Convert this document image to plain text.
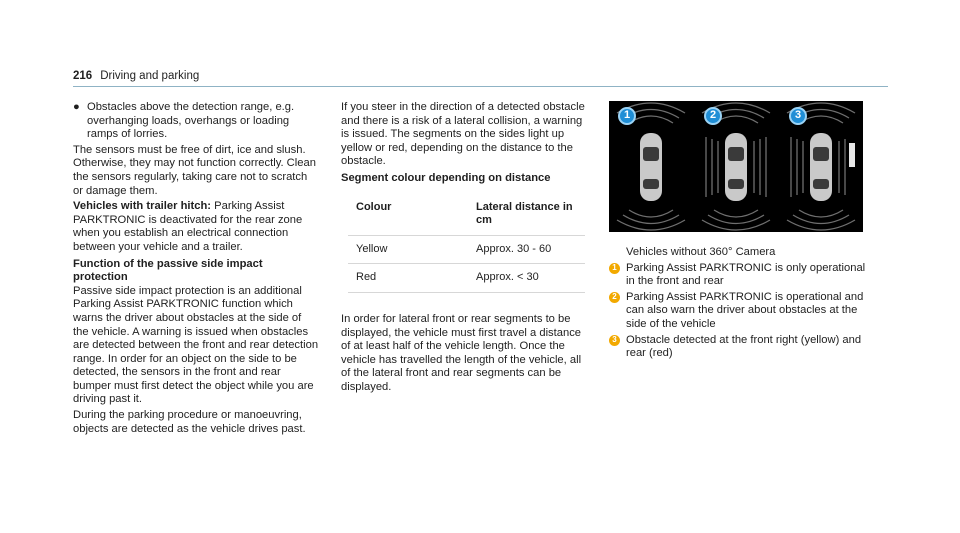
216 Driving and parking
● Obstacles above the detection range, e.g. overhanging loads, overhangs or loading ramps of lorries.

The sensors must be free of dirt, ice and slush. Otherwise, they may not function correctly. Clean the sensors regularly, taking care not to scratch or damage them.

Vehicles with trailer hitch: Parking Assist PARKTRONIC is deactivated for the rear zone when you establish an electrical connection between your vehicle and a trailer.

Function of the passive side impact protection

Passive side impact protection is an additional Parking Assist PARKTRONIC function which warns the driver about obstacles at the side of the vehicle. A warning is issued when obstacles are detected between the front and rear detection range. In order for an object on the side to be detected, the sensors in the front and rear bumper must first detect the object while you are driving past it.

During the parking procedure or manoeuvring, objects are detected as the vehicle drives past.

If you steer in the direction of a detected obstacle and there is a risk of a lateral collision, a warning is issued. The segments on the sides light up yellow or red, depending on the distance to the obstacle.

Segment colour depending on distance
Colour	Lateral distance in cm
Yellow	Approx. 30 - 60
Red	Approx. < 30

In order for lateral front or rear segments to be displayed, the vehicle must first travel a distance of at least half of the vehicle length. Once the vehicle has travelled the length of the vehicle, all of the lateral front and rear segments can be displayed.

1	2	3

Vehicles without 360° Camera

1 Parking Assist PARKTRONIC is only operational in the front and rear
2 Parking Assist PARKTRONIC is operational and can also warn the driver about obstacles at the side of the vehicle
3 Obstacle detected at the front right (yellow) and rear (red)
